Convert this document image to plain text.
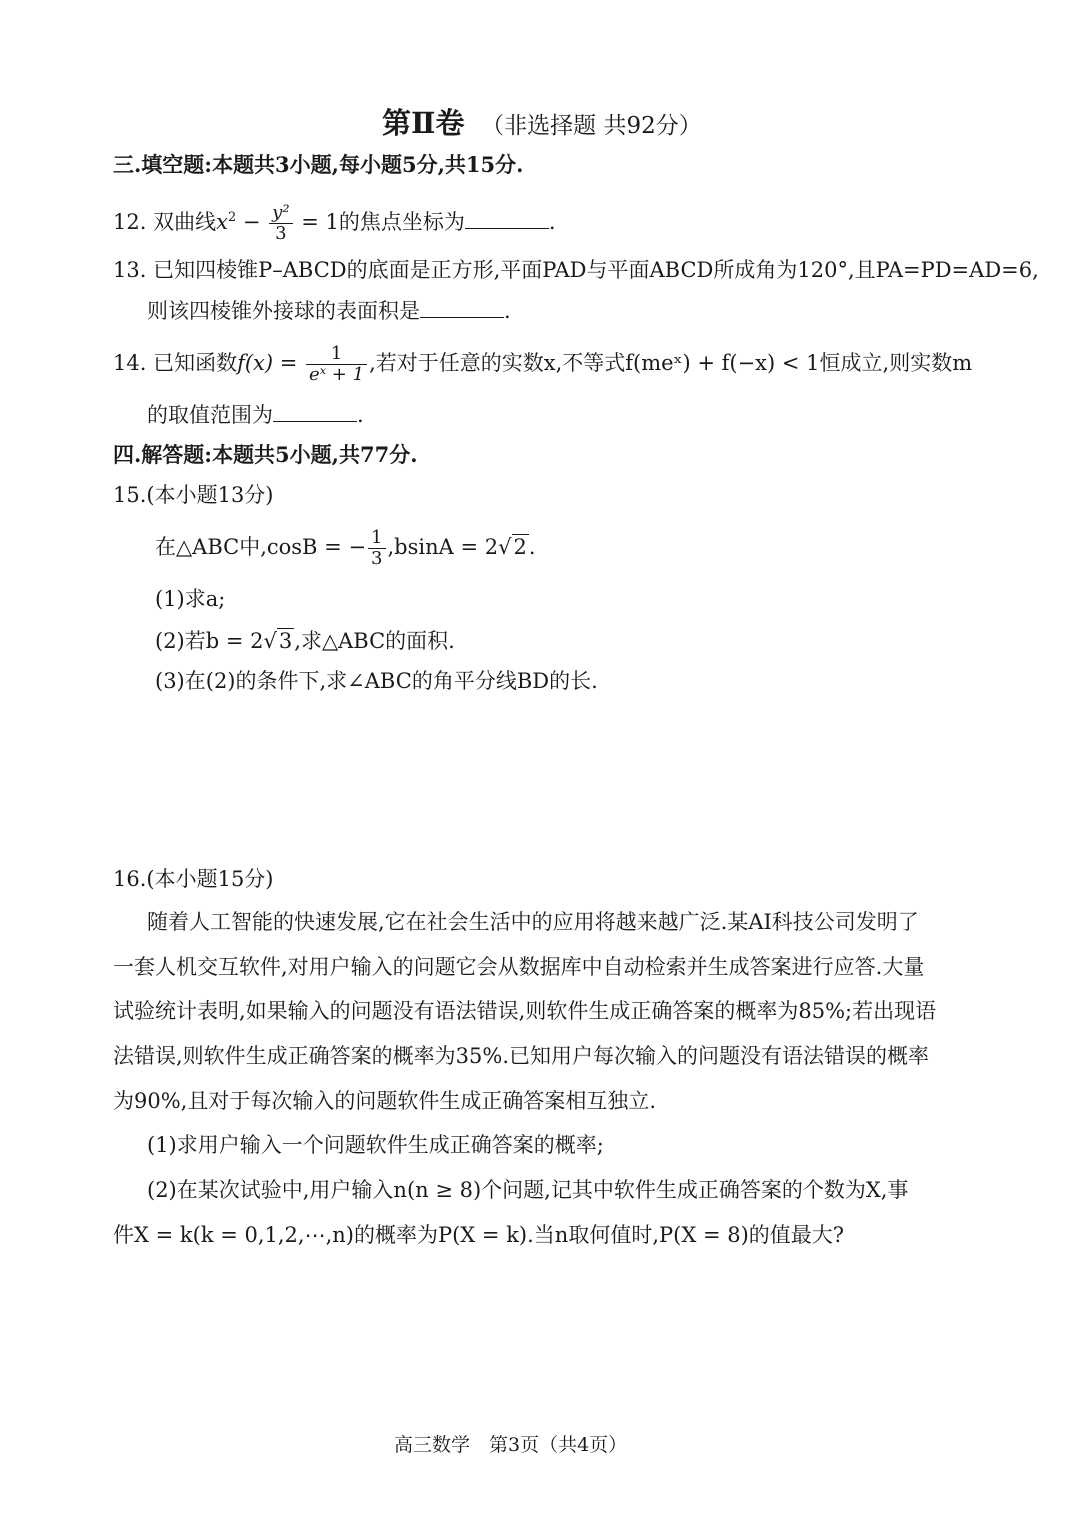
第Ⅱ卷 （非选择题 共92分）
三.填空题:本题共3小题,每小题5分,共15分.
12. 双曲线$x^2 - \frac{\text{y²}}{3} = 1$的焦点坐标为	.
13. 已知四棱锥P–ABCD的底面是正方形,平面PAD与平面ABCD所成角为120°,且PA=PD=AD=6,
则该四棱锥外接球的表面积是	.
14. 已知函数$f(x) = \frac{1}{\text{eˣ + 1}}$ ,若对于任意的实数x,不等式f(meˣ) + f(−x) < 1恒成立,则实数m
的取值范围为	.
四.解答题:本题共5小题,共77分.
15.(本小题13分)
在△ABC中,cosB = − $\frac{1}{3} ,bsinA = 2√2$.
(1)求a;
(2)若b = 2√3,求△ABC的面积.
(3)在(2)的条件下,求∠ABC的角平分线BD的长.
16.(本小题15分)
随着人工智能的快速发展,它在社会生活中的应用将越来越广泛.某AI科技公司发明了
一套人机交互软件,对用户输入的问题它会从数据库中自动检索并生成答案进行应答.大量
试验统计表明,如果输入的问题没有语法错误,则软件生成正确答案的概率为85%;若出现语
法错误,则软件生成正确答案的概率为35%.已知用户每次输入的问题没有语法错误的概率
为90%,且对于每次输入的问题软件生成正确答案相互独立.
(1)求用户输入一个问题软件生成正确答案的概率;
(2)在某次试验中,用户输入n(n ≥ 8)个问题,记其中软件生成正确答案的个数为X,事
件X = k(k = 0,1,2,⋯,n)的概率为P(X = k).当n取何值时,P(X = 8)的值最大?
高三数学　第3页（共4页）
